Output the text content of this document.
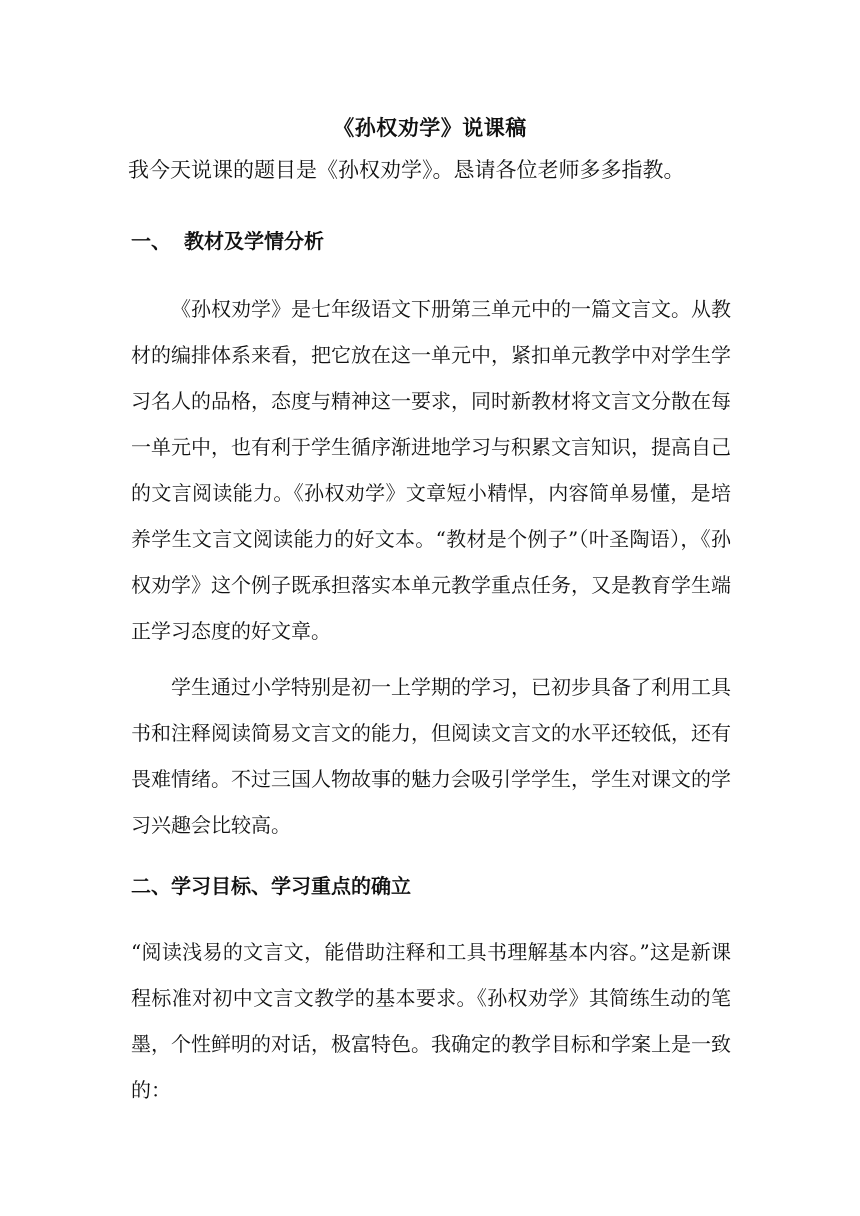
《孙权劝学》说课稿
我今天说课的题目是《孙权劝学》。恳请各位老师多多指教。
一、 教材及学情分析

《孙权劝学》是七年级语文下册第三单元中的一篇文言文。从教材的编排体系来看，把它放在这一单元中，紧扣单元教学中对学生学习名人的品格，态度与精神这一要求，同时新教材将文言文分散在每一单元中，也有利于学生循序渐进地学习与积累文言知识，提高自己的文言阅读能力。《孙权劝学》文章短小精悍，内容简单易懂，是培养学生文言文阅读能力的好文本。“教材是个例子”（叶圣陶语），《孙权劝学》这个例子既承担落实本单元教学重点任务，又是教育学生端正学习态度的好文章。

学生通过小学特别是初一上学期的学习，已初步具备了利用工具书和注释阅读简易文言文的能力，但阅读文言文的水平还较低，还有畏难情绪。不过三国人物故事的魅力会吸引学学生，学生对课文的学习兴趣会比较高。

二、学习目标、学习重点的确立

“阅读浅易的文言文，能借助注释和工具书理解基本内容。”这是新课程标准对初中文言文教学的基本要求。《孙权劝学》其简练生动的笔墨，个性鲜明的对话，极富特色。我确定的教学目标和学案上是一致的：
